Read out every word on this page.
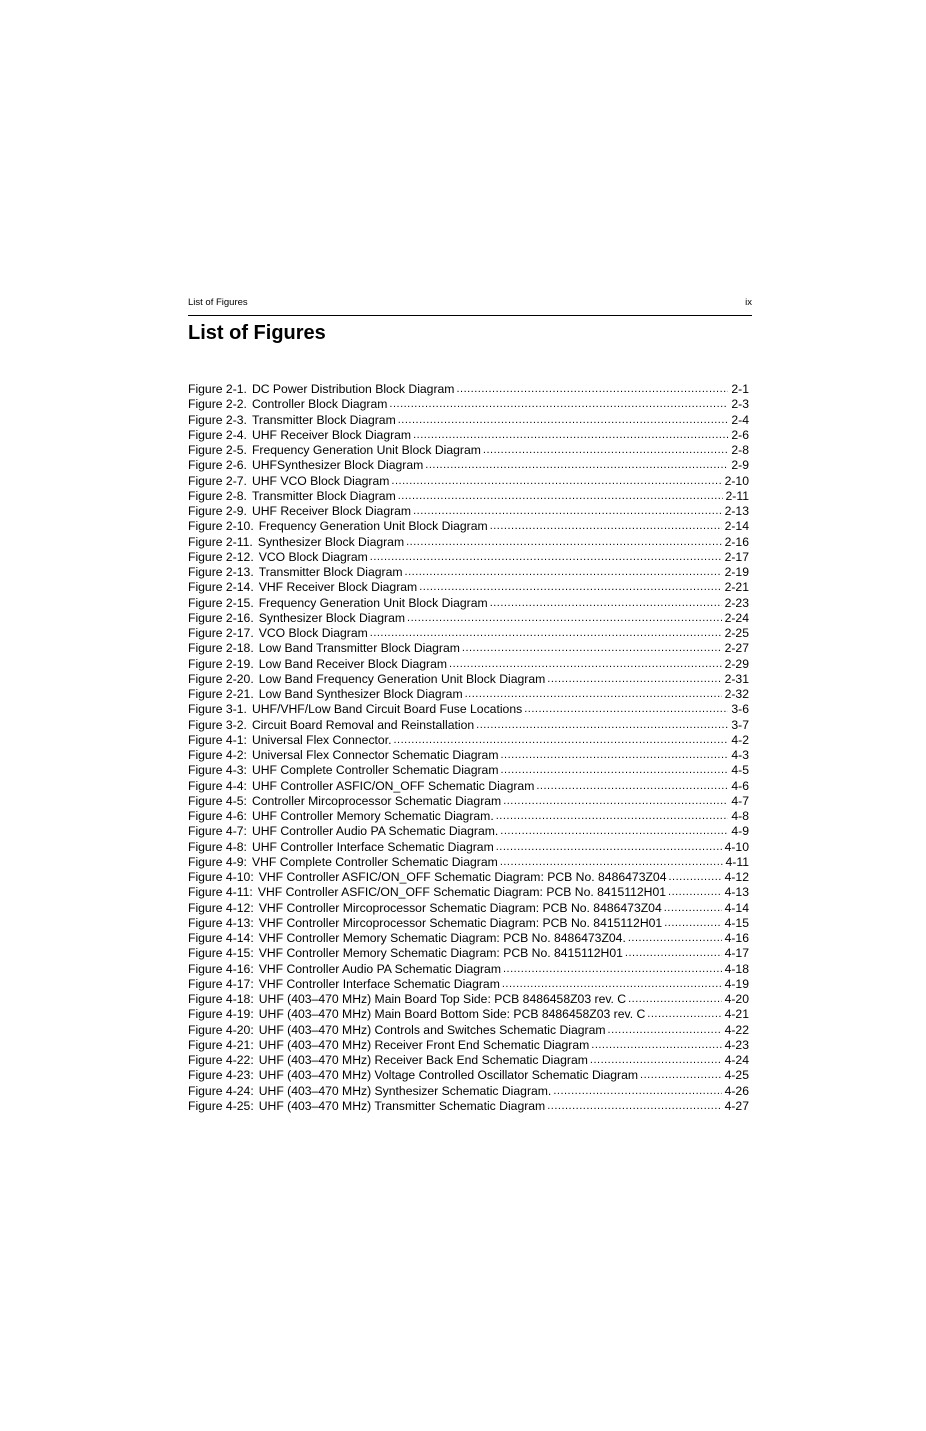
List of Figures	ix
List of Figures
Figure 2-1. DC Power Distribution Block Diagram .....	2-1
Figure 2-2. Controller Block Diagram .....	2-3
Figure 2-3. Transmitter Block Diagram .....	2-4
Figure 2-4. UHF Receiver Block Diagram .....	2-6
Figure 2-5. Frequency Generation Unit Block Diagram .....	2-8
Figure 2-6. UHFSynthesizer Block Diagram .....	2-9
Figure 2-7. UHF VCO Block Diagram .....	2-10
Figure 2-8. Transmitter Block Diagram .....	2-11
Figure 2-9. UHF Receiver Block Diagram .....	2-13
Figure 2-10. Frequency Generation Unit Block Diagram .....	2-14
Figure 2-11. Synthesizer Block Diagram .....	2-16
Figure 2-12. VCO Block Diagram .....	2-17
Figure 2-13. Transmitter Block Diagram .....	2-19
Figure 2-14. VHF Receiver Block Diagram .....	2-21
Figure 2-15. Frequency Generation Unit Block Diagram .....	2-23
Figure 2-16. Synthesizer Block Diagram .....	2-24
Figure 2-17. VCO Block Diagram .....	2-25
Figure 2-18. Low Band Transmitter Block Diagram .....	2-27
Figure 2-19. Low Band Receiver Block Diagram .....	2-29
Figure 2-20. Low Band Frequency Generation Unit Block Diagram .....	2-31
Figure 2-21. Low Band Synthesizer Block Diagram .....	2-32
Figure 3-1. UHF/VHF/Low Band Circuit Board Fuse Locations .....	3-6
Figure 3-2. Circuit Board Removal and Reinstallation .....	3-7
Figure 4-1: Universal Flex Connector. .....	4-2
Figure 4-2: Universal Flex Connector Schematic Diagram .....	4-3
Figure 4-3: UHF Complete Controller Schematic Diagram .....	4-5
Figure 4-4: UHF Controller ASFIC/ON_OFF Schematic Diagram .....	4-6
Figure 4-5: Controller Mircoprocessor Schematic Diagram .....	4-7
Figure 4-6: UHF Controller Memory Schematic Diagram. .....	4-8
Figure 4-7: UHF Controller Audio PA Schematic Diagram. .....	4-9
Figure 4-8: UHF Controller Interface Schematic Diagram .....	4-10
Figure 4-9: VHF Complete Controller Schematic Diagram .....	4-11
Figure 4-10: VHF Controller ASFIC/ON_OFF Schematic Diagram: PCB No. 8486473Z04 .....	4-12
Figure 4-11: VHF Controller ASFIC/ON_OFF Schematic Diagram: PCB No. 8415112H01 .....	4-13
Figure 4-12: VHF Controller Mircoprocessor Schematic Diagram: PCB No. 8486473Z04 .....	4-14
Figure 4-13: VHF Controller Mircoprocessor Schematic Diagram: PCB No. 8415112H01 .....	4-15
Figure 4-14: VHF Controller Memory Schematic Diagram: PCB No. 8486473Z04. .....	4-16
Figure 4-15: VHF Controller Memory Schematic Diagram: PCB No. 8415112H01 .....	4-17
Figure 4-16: VHF Controller Audio PA Schematic Diagram .....	4-18
Figure 4-17: VHF Controller Interface Schematic Diagram .....	4-19
Figure 4-18: UHF (403–470 MHz) Main Board Top Side: PCB 8486458Z03 rev. C .....	4-20
Figure 4-19: UHF (403–470 MHz) Main Board Bottom Side: PCB 8486458Z03 rev. C .....	4-21
Figure 4-20: UHF (403–470 MHz) Controls and Switches Schematic Diagram .....	4-22
Figure 4-21: UHF (403–470 MHz) Receiver Front End Schematic Diagram .....	4-23
Figure 4-22: UHF (403–470 MHz) Receiver Back End Schematic Diagram .....	4-24
Figure 4-23: UHF (403–470 MHz) Voltage Controlled Oscillator Schematic Diagram .....	4-25
Figure 4-24: UHF (403–470 MHz) Synthesizer Schematic Diagram. .....	4-26
Figure 4-25: UHF (403–470 MHz) Transmitter Schematic Diagram .....	4-27
